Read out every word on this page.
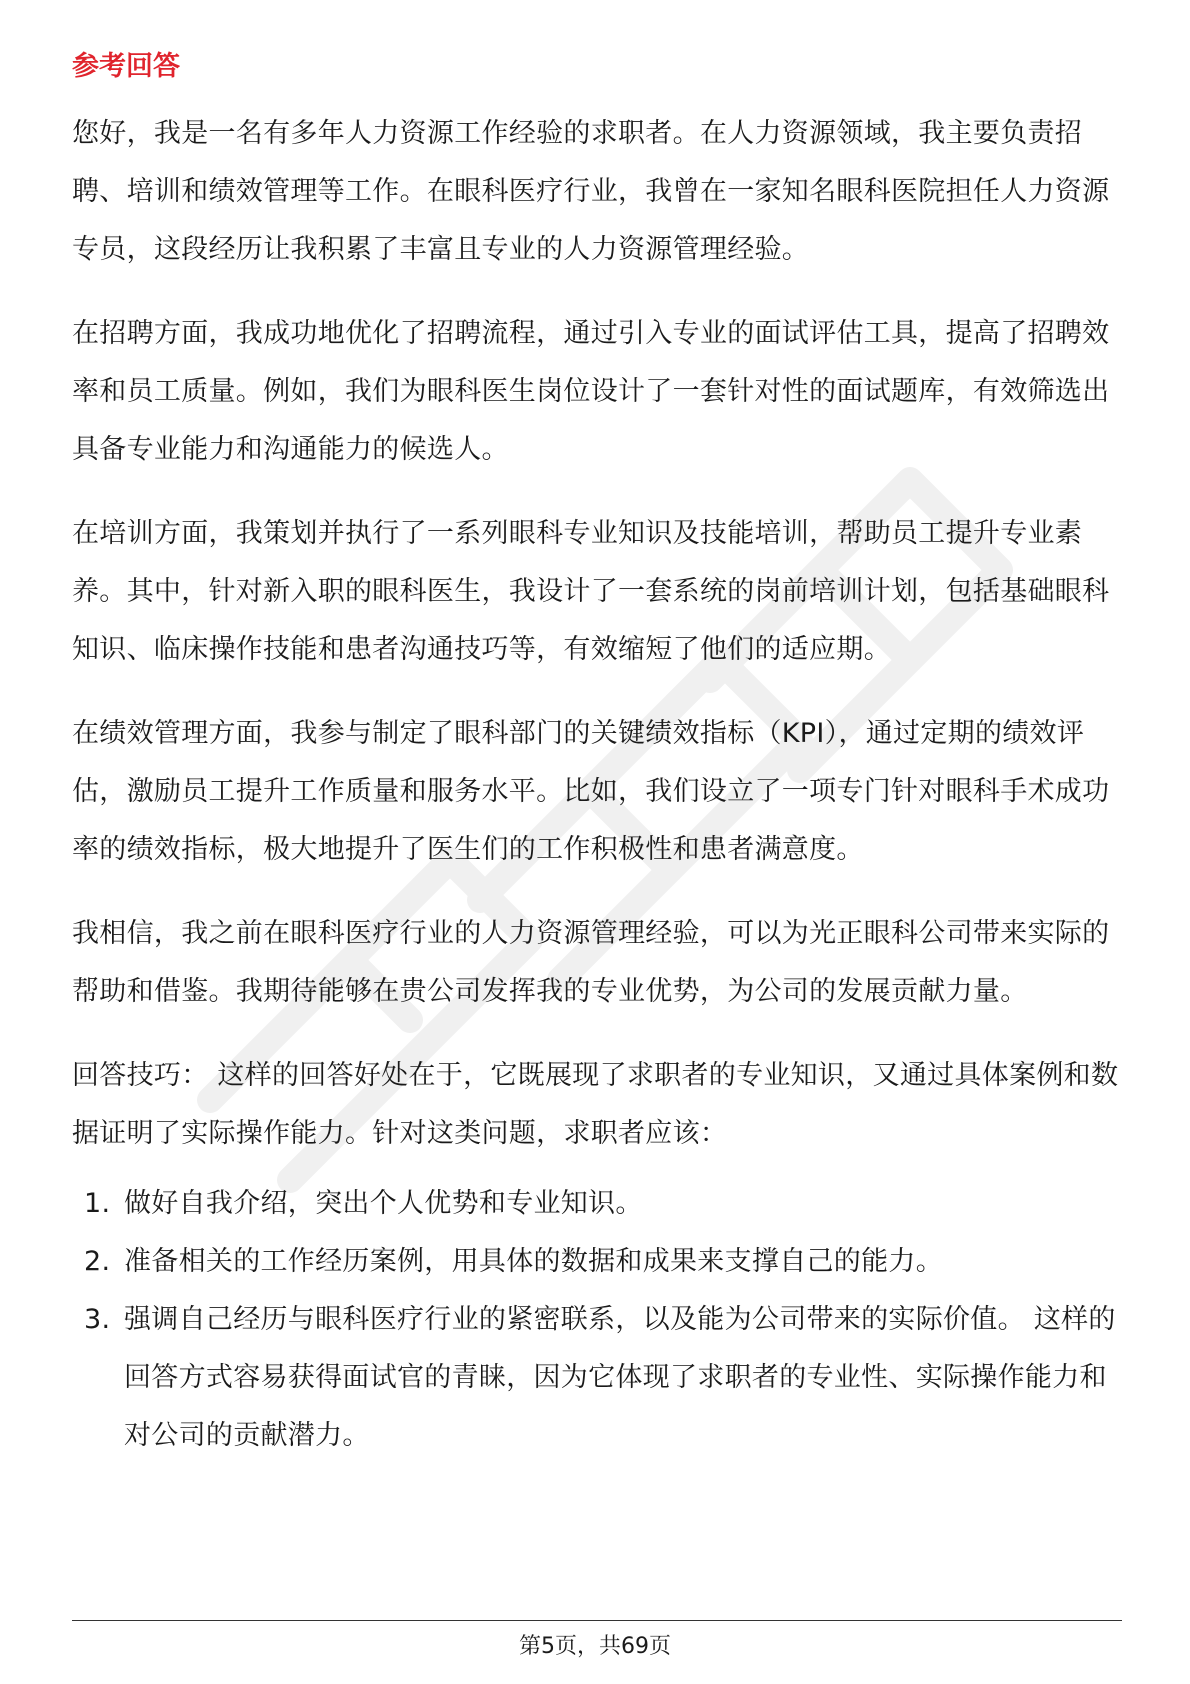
参考回答

您好，我是一名有多年人力资源工作经验的求职者。在人力资源领域，我主要负责招聘、培训和绩效管理等工作。在眼科医疗行业，我曾在一家知名眼科医院担任人力资源专员，这段经历让我积累了丰富且专业的人力资源管理经验。

在招聘方面，我成功地优化了招聘流程，通过引入专业的面试评估工具，提高了招聘效率和员工质量。例如，我们为眼科医生岗位设计了一套针对性的面试题库，有效筛选出具备专业能力和沟通能力的候选人。

在培训方面，我策划并执行了一系列眼科专业知识及技能培训，帮助员工提升专业素养。其中，针对新入职的眼科医生，我设计了一套系统的岗前培训计划，包括基础眼科知识、临床操作技能和患者沟通技巧等，有效缩短了他们的适应期。

在绩效管理方面，我参与制定了眼科部门的关键绩效指标（KPI），通过定期的绩效评估，激励员工提升工作质量和服务水平。比如，我们设立了一项专门针对眼科手术成功率的绩效指标，极大地提升了医生们的工作积极性和患者满意度。

我相信，我之前在眼科医疗行业的人力资源管理经验，可以为光正眼科公司带来实际的帮助和借鉴。我期待能够在贵公司发挥我的专业优势，为公司的发展贡献力量。

回答技巧： 这样的回答好处在于，它既展现了求职者的专业知识，又通过具体案例和数据证明了实际操作能力。针对这类问题，求职者应该：

1. 做好自我介绍，突出个人优势和专业知识。
2. 准备相关的工作经历案例，用具体的数据和成果来支撑自己的能力。
3. 强调自己经历与眼科医疗行业的紧密联系，以及能为公司带来的实际价值。 这样的回答方式容易获得面试官的青睐，因为它体现了求职者的专业性、实际操作能力和对公司的贡献潜力。
第5页，共69页
